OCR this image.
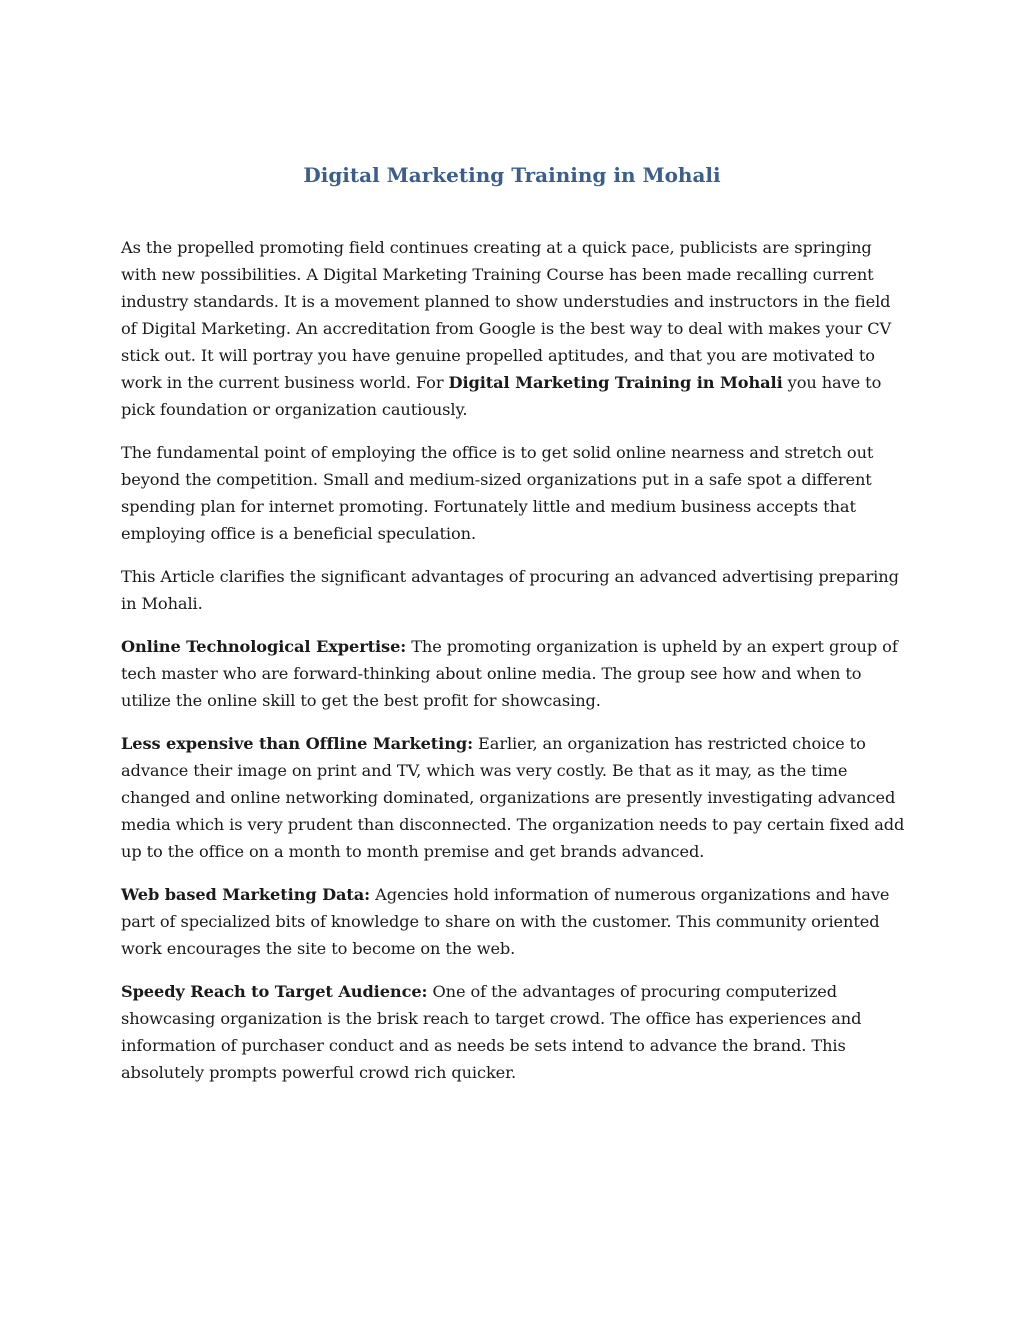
Digital Marketing Training in Mohali

As the propelled promoting field continues creating at a quick pace, publicists are springing with new possibilities. A Digital Marketing Training Course has been made recalling current industry standards. It is a movement planned to show understudies and instructors in the field of Digital Marketing. An accreditation from Google is the best way to deal with makes your CV stick out. It will portray you have genuine propelled aptitudes, and that you are motivated to work in the current business world. For Digital Marketing Training in Mohali you have to pick foundation or organization cautiously.

The fundamental point of employing the office is to get solid online nearness and stretch out beyond the competition. Small and medium-sized organizations put in a safe spot a different spending plan for internet promoting. Fortunately little and medium business accepts that employing office is a beneficial speculation.

This Article clarifies the significant advantages of procuring an advanced advertising preparing in Mohali.

Online Technological Expertise: The promoting organization is upheld by an expert group of tech master who are forward-thinking about online media. The group see how and when to utilize the online skill to get the best profit for showcasing.

Less expensive than Offline Marketing: Earlier, an organization has restricted choice to advance their image on print and TV, which was very costly. Be that as it may, as the time changed and online networking dominated, organizations are presently investigating advanced media which is very prudent than disconnected. The organization needs to pay certain fixed add up to the office on a month to month premise and get brands advanced.

Web based Marketing Data: Agencies hold information of numerous organizations and have part of specialized bits of knowledge to share on with the customer. This community oriented work encourages the site to become on the web.

Speedy Reach to Target Audience: One of the advantages of procuring computerized showcasing organization is the brisk reach to target crowd. The office has experiences and information of purchaser conduct and as needs be sets intend to advance the brand. This absolutely prompts powerful crowd rich quicker.
